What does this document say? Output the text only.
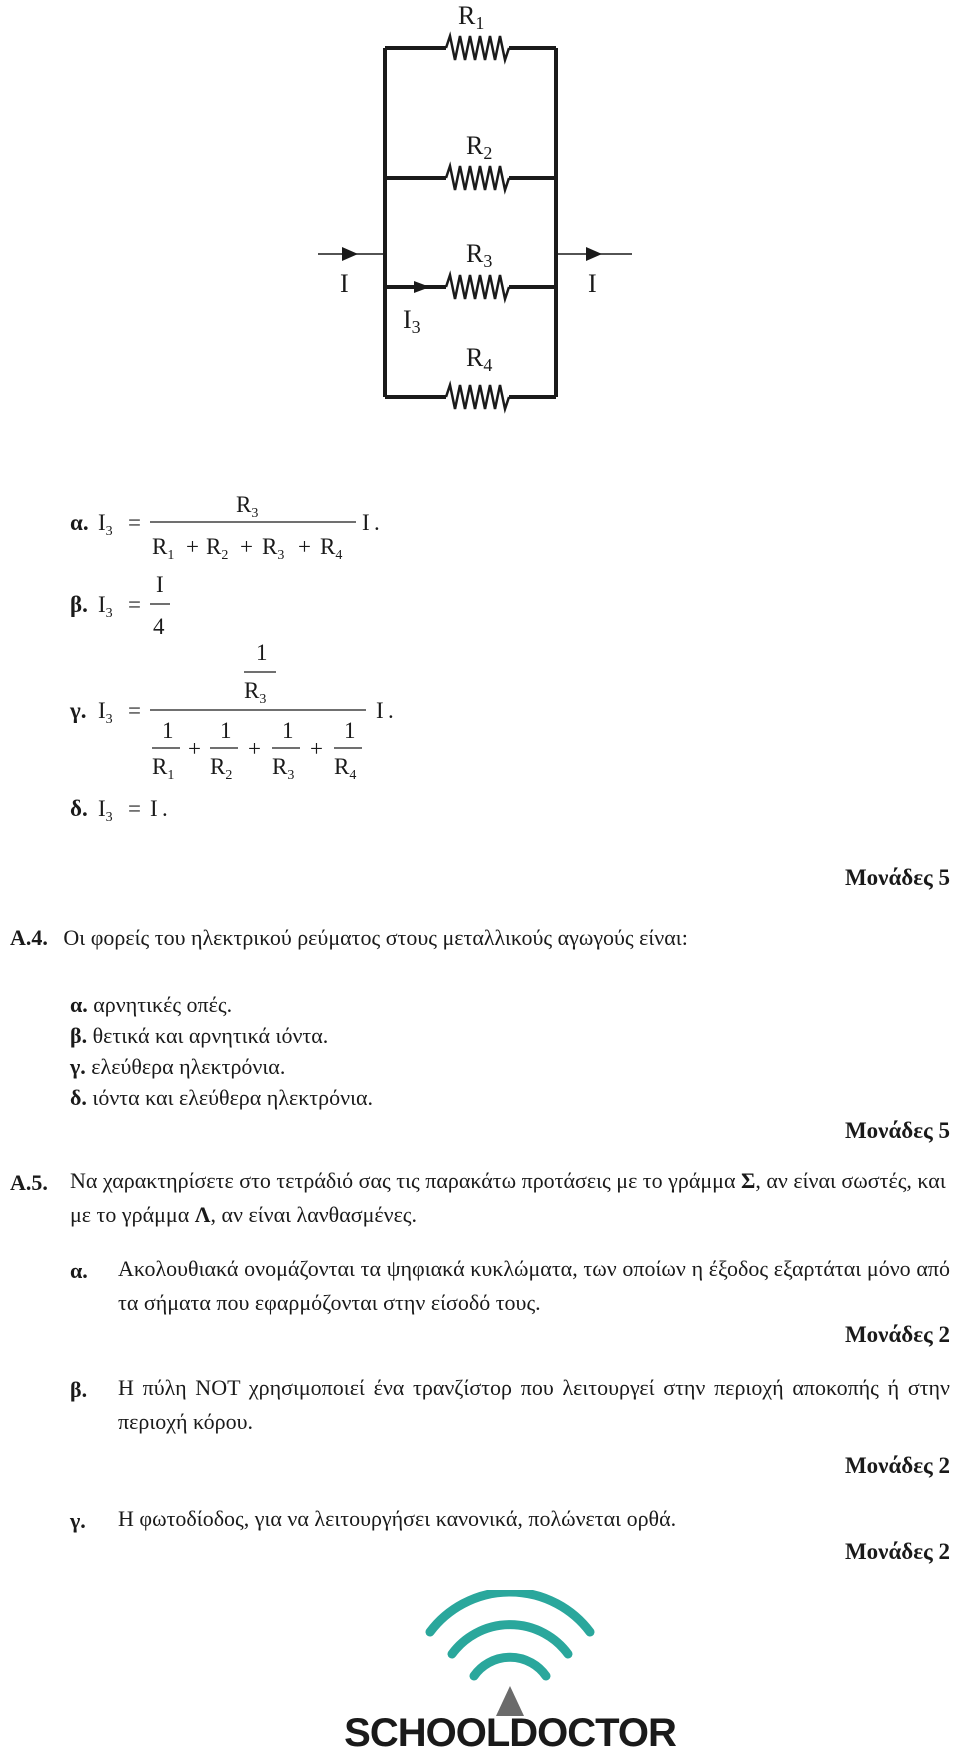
R1
R2
R3
R4
I	I
I3
α. $I_3$ =
$R_3$
$R_1 + R_2 + R_3 + R_4$
I .
β. $I_3$ =
I
4
1
$R_3$
γ. $I_3$ =
1
$R_1$
+
1
$R_2$
+
1
$R_3$
+
1
$R_4$
I .
δ. $I_3 = I$ .
Μονάδες 5
A.4. Οι φορείς του ηλεκτρικού ρεύματος στους μεταλλικούς αγωγούς είναι:
α. αρνητικές οπές.
β. θετικά και αρνητικά ιόντα.
γ. ελεύθερα ηλεκτρόνια.
δ. ιόντα και ελεύθερα ηλεκτρόνια.
Μονάδες 5
A.5. Να χαρακτηρίσετε στο τετράδιό σας τις παρακάτω προτάσεις με το γράμμα Σ, αν είναι σωστές, και με το γράμμα Λ, αν είναι λανθασμένες.
α. Ακολουθιακά ονομάζονται τα ψηφιακά κυκλώματα, των οποίων η έξοδος εξαρτάται μόνο από τα σήματα που εφαρμόζονται στην είσοδό τους.
Μονάδες 2
β. Η πύλη NOT χρησιμοποιεί ένα τρανζίστορ που λειτουργεί στην περιοχή αποκοπής ή στην περιοχή κόρου.
Μονάδες 2
γ. Η φωτοδίοδος, για να λειτουργήσει κανονικά, πολώνεται ορθά.
Μονάδες 2
SCHOOLDOCTOR
